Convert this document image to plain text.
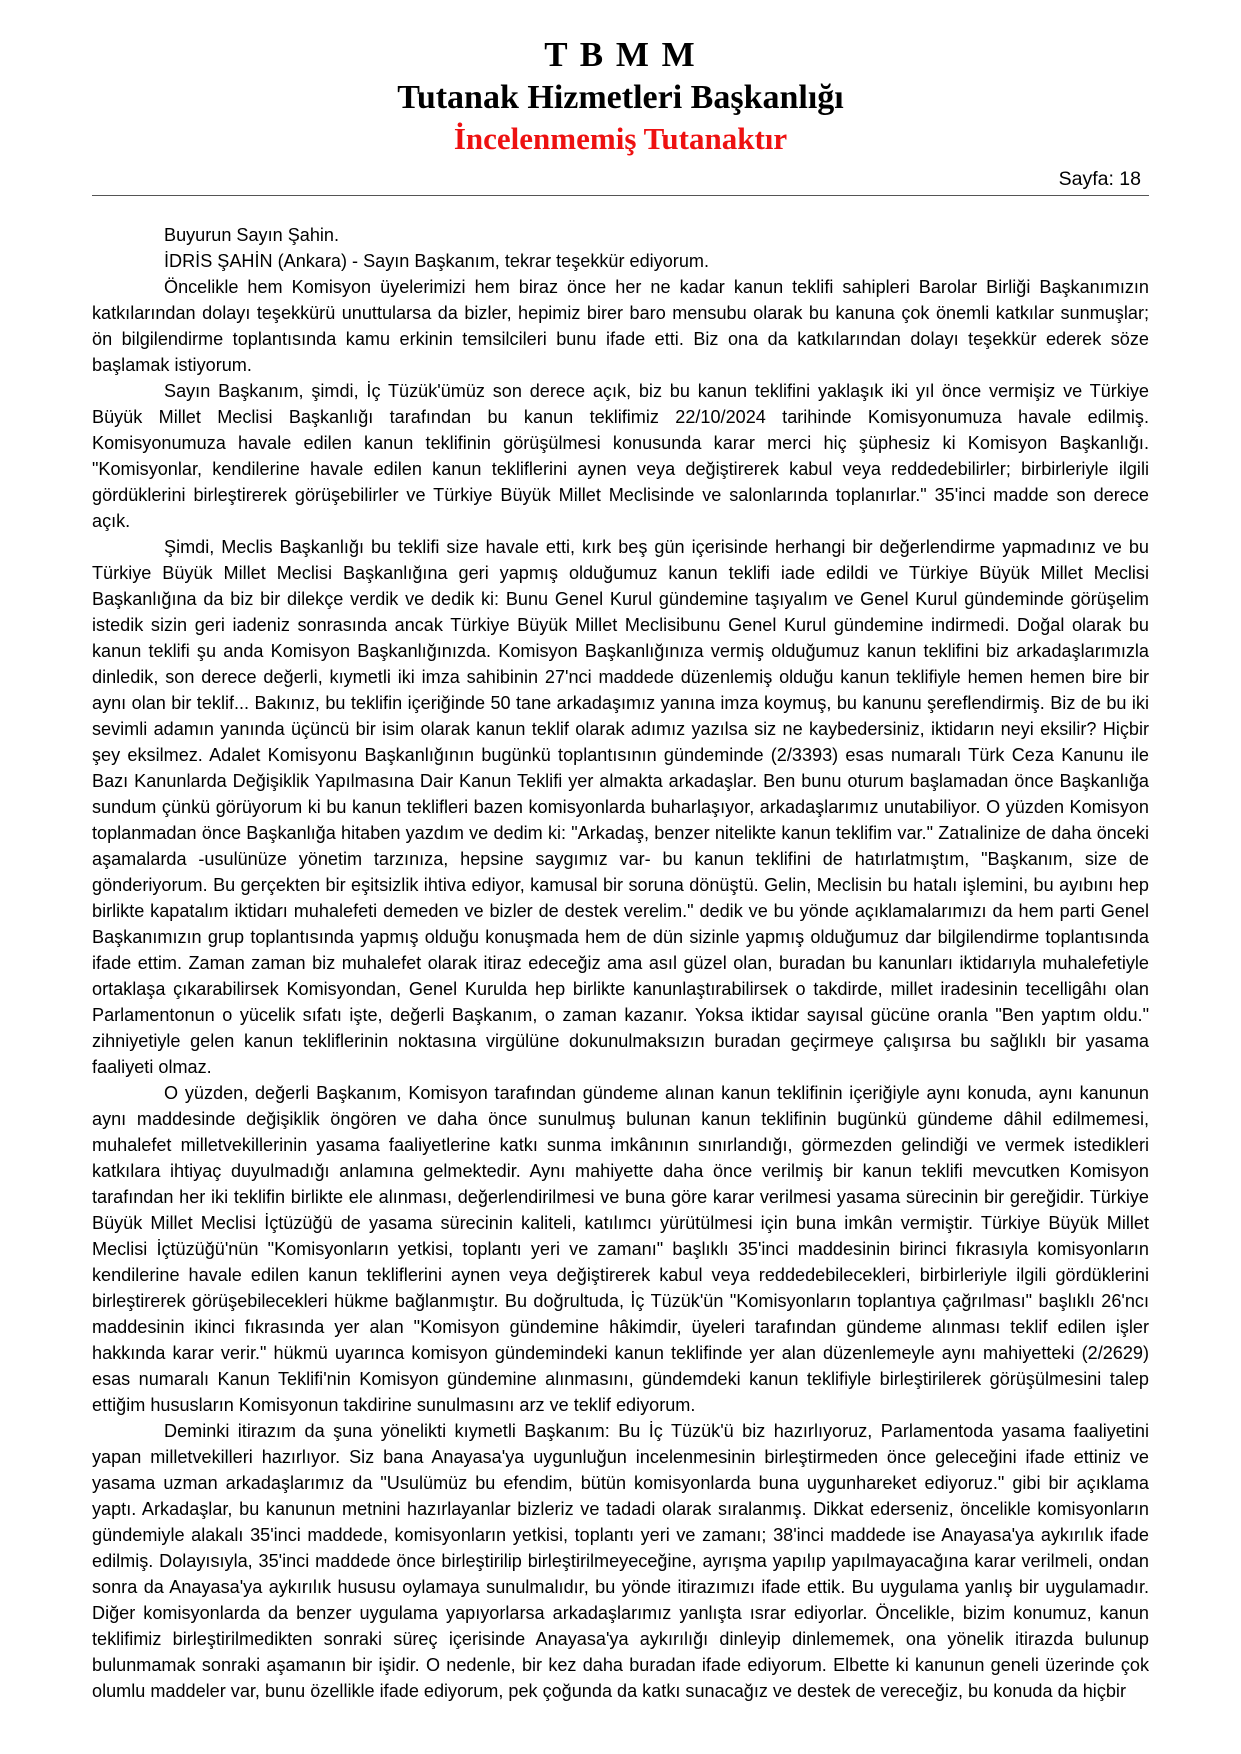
T B M M
Tutanak Hizmetleri Başkanlığı
İncelenmemiş Tutanaktır
Sayfa: 18

Buyurun Sayın Şahin.

İDRİS ŞAHİN (Ankara) - Sayın Başkanım, tekrar teşekkür ediyorum.

Öncelikle hem Komisyon üyelerimizi hem biraz önce her ne kadar kanun teklifi sahipleri Barolar Birliği Başkanımızın katkılarından dolayı teşekkürü unuttularsa da bizler, hepimiz birer baro mensubu olarak bu kanuna çok önemli katkılar sunmuşlar; ön bilgilendirme toplantısında kamu erkinin temsilcileri bunu ifade etti. Biz ona da katkılarından dolayı teşekkür ederek söze başlamak istiyorum.

Sayın Başkanım, şimdi, İç Tüzük'ümüz son derece açık, biz bu kanun teklifini yaklaşık iki yıl önce vermişiz ve Türkiye Büyük Millet Meclisi Başkanlığı tarafından bu kanun teklifimiz 22/10/2024 tarihinde Komisyonumuza havale edilmiş. Komisyonumuza havale edilen kanun teklifinin görüşülmesi konusunda karar merci hiç şüphesiz ki Komisyon Başkanlığı. "Komisyonlar, kendilerine havale edilen kanun tekliflerini aynen veya değiştirerek kabul veya reddedebilirler; birbirleriyle ilgili gördüklerini birleştirerek görüşebilirler ve Türkiye Büyük Millet Meclisinde ve salonlarında toplanırlar." 35'inci madde son derece açık.

Şimdi, Meclis Başkanlığı bu teklifi size havale etti, kırk beş gün içerisinde herhangi bir değerlendirme yapmadınız ve bu Türkiye Büyük Millet Meclisi Başkanlığına geri yapmış olduğumuz kanun teklifi iade edildi ve Türkiye Büyük Millet Meclisi Başkanlığına da biz bir dilekçe verdik ve dedik ki: Bunu Genel Kurul gündemine taşıyalım ve Genel Kurul gündeminde görüşelim istedik sizin geri iadeniz sonrasında ancak Türkiye Büyük Millet Meclisibunu Genel Kurul gündemine indirmedi. Doğal olarak bu kanun teklifi şu anda Komisyon Başkanlığınızda. Komisyon Başkanlığınıza vermiş olduğumuz kanun teklifini biz arkadaşlarımızla dinledik, son derece değerli, kıymetli iki imza sahibinin 27'nci maddede düzenlemiş olduğu kanun teklifiyle hemen hemen bire bir aynı olan bir teklif... Bakınız, bu teklifin içeriğinde 50 tane arkadaşımız yanına imza koymuş, bu kanunu şereflendirmiş. Biz de bu iki sevimli adamın yanında üçüncü bir isim olarak kanun teklif olarak adımız yazılsa siz ne kaybedersiniz, iktidarın neyi eksilir? Hiçbir şey eksilmez. Adalet Komisyonu Başkanlığının bugünkü toplantısının gündeminde (2/3393) esas numaralı Türk Ceza Kanunu ile Bazı Kanunlarda Değişiklik Yapılmasına Dair Kanun Teklifi yer almakta arkadaşlar. Ben bunu oturum başlamadan önce Başkanlığa sundum çünkü görüyorum ki bu kanun teklifleri bazen komisyonlarda buharlaşıyor, arkadaşlarımız unutabiliyor. O yüzden Komisyon toplanmadan önce Başkanlığa hitaben yazdım ve dedim ki: "Arkadaş, benzer nitelikte kanun teklifim var." Zatıalinize de daha önceki aşamalarda -usulünüze yönetim tarzınıza, hepsine saygımız var- bu kanun teklifini de hatırlatmıştım, "Başkanım, size de gönderiyorum. Bu gerçekten bir eşitsizlik ihtiva ediyor, kamusal bir soruna dönüştü. Gelin, Meclisin bu hatalı işlemini, bu ayıbını hep birlikte kapatalım iktidarı muhalefeti demeden ve bizler de destek verelim." dedik ve bu yönde açıklamalarımızı da hem parti Genel Başkanımızın grup toplantısında yapmış olduğu konuşmada hem de dün sizinle yapmış olduğumuz dar bilgilendirme toplantısında ifade ettim. Zaman zaman biz muhalefet olarak itiraz edeceğiz ama asıl güzel olan, buradan bu kanunları iktidarıyla muhalefetiyle ortaklaşa çıkarabilirsek Komisyondan, Genel Kurulda hep birlikte kanunlaştırabilirsek o takdirde, millet iradesinin tecelligâhı olan Parlamentonun o yücelik sıfatı işte, değerli Başkanım, o zaman kazanır. Yoksa iktidar sayısal gücüne oranla "Ben yaptım oldu." zihniyetiyle gelen kanun tekliflerinin noktasına virgülüne dokunulmaksızın buradan geçirmeye çalışırsa bu sağlıklı bir yasama faaliyeti olmaz.

O yüzden, değerli Başkanım, Komisyon tarafından gündeme alınan kanun teklifinin içeriğiyle aynı konuda, aynı kanunun aynı maddesinde değişiklik öngören ve daha önce sunulmuş bulunan kanun teklifinin bugünkü gündeme dâhil edilmemesi, muhalefet milletvekillerinin yasama faaliyetlerine katkı sunma imkânının sınırlandığı, görmezden gelindiği ve vermek istedikleri katkılara ihtiyaç duyulmadığı anlamına gelmektedir. Aynı mahiyette daha önce verilmiş bir kanun teklifi mevcutken Komisyon tarafından her iki teklifin birlikte ele alınması, değerlendirilmesi ve buna göre karar verilmesi yasama sürecinin bir gereğidir. Türkiye Büyük Millet Meclisi İçtüzüğü de yasama sürecinin kaliteli, katılımcı yürütülmesi için buna imkân vermiştir. Türkiye Büyük Millet Meclisi İçtüzüğü'nün "Komisyonların yetkisi, toplantı yeri ve zamanı" başlıklı 35'inci maddesinin birinci fıkrasıyla komisyonların kendilerine havale edilen kanun tekliflerini aynen veya değiştirerek kabul veya reddedebilecekleri, birbirleriyle ilgili gördüklerini birleştirerek görüşebilecekleri hükme bağlanmıştır. Bu doğrultuda, İç Tüzük'ün "Komisyonların toplantıya çağrılması" başlıklı 26'ncı maddesinin ikinci fıkrasında yer alan "Komisyon gündemine hâkimdir, üyeleri tarafından gündeme alınması teklif edilen işler hakkında karar verir." hükmü uyarınca komisyon gündemindeki kanun teklifinde yer alan düzenlemeyle aynı mahiyetteki (2/2629) esas numaralı Kanun Teklifi'nin Komisyon gündemine alınmasını, gündemdeki kanun teklifiyle birleştirilerek görüşülmesini talep ettiğim hususların Komisyonun takdirine sunulmasını arz ve teklif ediyorum.

Deminki itirazım da şuna yönelikti kıymetli Başkanım: Bu İç Tüzük'ü biz hazırlıyoruz, Parlamentoda yasama faaliyetini yapan milletvekilleri hazırlıyor. Siz bana Anayasa'ya uygunluğun incelenmesinin birleştirmeden önce geleceğini ifade ettiniz ve yasama uzman arkadaşlarımız da "Usulümüz bu efendim, bütün komisyonlarda buna uygunhareket ediyoruz." gibi bir açıklama yaptı. Arkadaşlar, bu kanunun metnini hazırlayanlar bizleriz ve tadadi olarak sıralanmış. Dikkat ederseniz, öncelikle komisyonların gündemiyle alakalı 35'inci maddede, komisyonların yetkisi, toplantı yeri ve zamanı; 38'inci maddede ise Anayasa'ya aykırılık ifade edilmiş. Dolayısıyla, 35'inci maddede önce birleştirilip birleştirilmeyeceğine, ayrışma yapılıp yapılmayacağına karar verilmeli, ondan sonra da Anayasa'ya aykırılık hususu oylamaya sunulmalıdır, bu yönde itirazımızı ifade ettik. Bu uygulama yanlış bir uygulamadır. Diğer komisyonlarda da benzer uygulama yapıyorlarsa arkadaşlarımız yanlışta ısrar ediyorlar. Öncelikle, bizim konumuz, kanun teklifimiz birleştirilmedikten sonraki süreç içerisinde Anayasa'ya aykırılığı dinleyip dinlememek, ona yönelik itirazda bulunup bulunmamak sonraki aşamanın bir işidir. O nedenle, bir kez daha buradan ifade ediyorum. Elbette ki kanunun geneli üzerinde çok olumlu maddeler var, bunu özellikle ifade ediyorum, pek çoğunda da katkı sunacağız ve destek de vereceğiz, bu konuda da hiçbir
